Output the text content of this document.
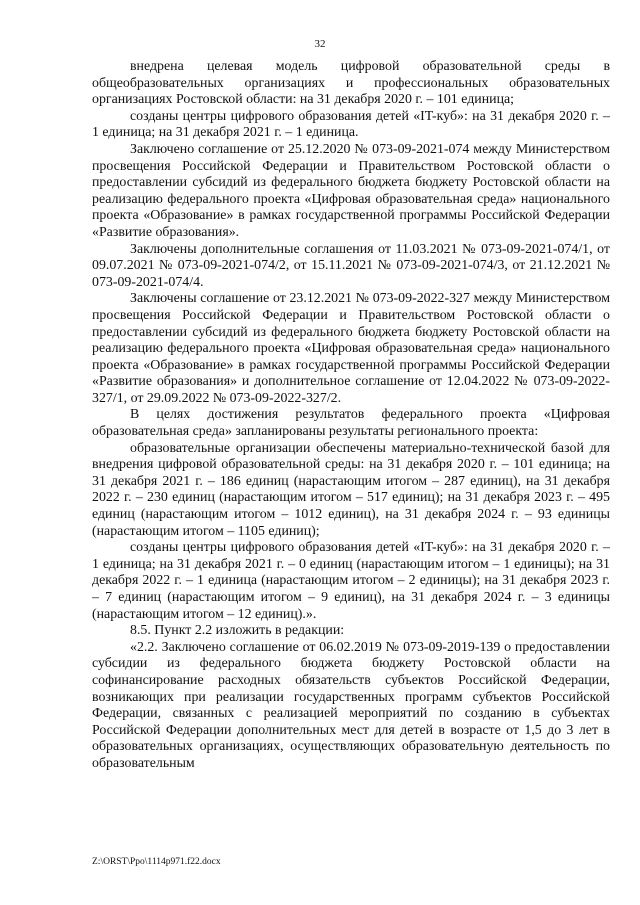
32

внедрена целевая модель цифровой образовательной среды в общеобразовательных организациях и профессиональных образовательных организациях Ростовской области: на 31 декабря 2020 г. – 101 единица;

созданы центры цифрового образования детей «IT-куб»: на 31 декабря 2020 г. – 1 единица; на 31 декабря 2021 г. – 1 единица.

Заключено соглашение от 25.12.2020 № 073-09-2021-074 между Министерством просвещения Российской Федерации и Правительством Ростовской области о предоставлении субсидий из федерального бюджета бюджету Ростовской области на реализацию федерального проекта «Цифровая образовательная среда» национального проекта «Образование» в рамках государственной программы Российской Федерации «Развитие образования».

Заключены дополнительные соглашения от 11.03.2021 № 073-09-2021-074/1, от 09.07.2021 № 073-09-2021-074/2, от 15.11.2021 № 073-09-2021-074/3, от 21.12.2021 № 073-09-2021-074/4.

Заключены соглашение от 23.12.2021 № 073-09-2022-327 между Министерством просвещения Российской Федерации и Правительством Ростовской области о предоставлении субсидий из федерального бюджета бюджету Ростовской области на реализацию федерального проекта «Цифровая образовательная среда» национального проекта «Образование» в рамках государственной программы Российской Федерации «Развитие образования» и дополнительное соглашение от 12.04.2022 № 073-09-2022-327/1, от 29.09.2022 № 073-09-2022-327/2.

В целях достижения результатов федерального проекта «Цифровая образовательная среда» запланированы результаты регионального проекта:

образовательные организации обеспечены материально-технической базой для внедрения цифровой образовательной среды: на 31 декабря 2020 г. – 101 единица; на 31 декабря 2021 г. – 186 единиц (нарастающим итогом – 287 единиц), на 31 декабря 2022 г. – 230 единиц (нарастающим итогом – 517 единиц); на 31 декабря 2023 г. – 495 единиц (нарастающим итогом – 1012 единиц), на 31 декабря 2024 г. – 93 единицы (нарастающим итогом – 1105 единиц);

созданы центры цифрового образования детей «IT-куб»: на 31 декабря 2020 г. – 1 единица; на 31 декабря 2021 г. – 0 единиц (нарастающим итогом – 1 единицы); на 31 декабря 2022 г. – 1 единица (нарастающим итогом – 2 единицы); на 31 декабря 2023 г. – 7 единиц (нарастающим итогом – 9 единиц), на 31 декабря 2024 г. – 3 единицы (нарастающим итогом – 12 единиц).».

8.5. Пункт 2.2 изложить в редакции:

«2.2. Заключено соглашение от 06.02.2019 № 073-09-2019-139 о предоставлении субсидии из федерального бюджета бюджету Ростовской области на софинансирование расходных обязательств субъектов Российской Федерации, возникающих при реализации государственных программ субъектов Российской Федерации, связанных с реализацией мероприятий по созданию в субъектах Российской Федерации дополнительных мест для детей в возрасте от 1,5 до 3 лет в образовательных организациях, осуществляющих образовательную деятельность по образовательным

Z:\ORST\Ppo\1114p971.f22.docx
